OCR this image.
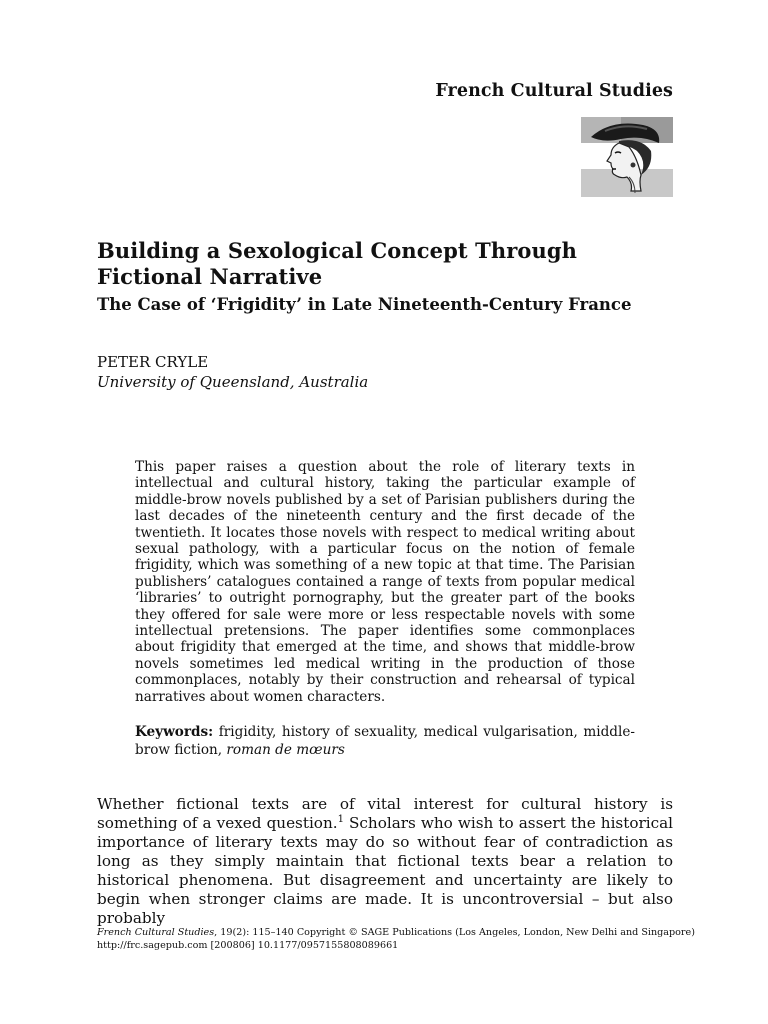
French Cultural Studies
Building a Sexological Concept Through Fictional Narrative
The Case of ‘Frigidity’ in Late Nineteenth-Century France
PETER CRYLE
University of Queensland, Australia
This paper raises a question about the role of literary texts in intellectual and cultural history, taking the particular example of middle-brow novels published by a set of Parisian publishers during the last decades of the nineteenth century and the first decade of the twentieth. It locates those novels with respect to medical writing about sexual pathology, with a particular focus on the notion of female frigidity, which was something of a new topic at that time. The Parisian publishers’ catalogues contained a range of texts from popular medical ‘libraries’ to outright pornography, but the greater part of the books they offered for sale were more or less respectable novels with some intellectual pretensions. The paper identifies some commonplaces about frigidity that emerged at the time, and shows that middle-brow novels sometimes led medical writing in the production of those commonplaces, notably by their construction and rehearsal of typical narratives about women characters.
Keywords: frigidity, history of sexuality, medical vulgarisation, middle-brow fiction, roman de mœurs
Whether fictional texts are of vital interest for cultural history is something of a vexed question.$^1$ Scholars who wish to assert the historical importance of literary texts may do so without fear of contradiction as long as they simply maintain that fictional texts bear a relation to historical phenomena. But disagreement and uncertainty are likely to begin when stronger claims are made. It is uncontroversial – but also probably
French Cultural Studies, 19(2): 115–140 Copyright © SAGE Publications (Los Angeles, London, New Delhi and Singapore)
http://frc.sagepub.com [200806] 10.1177/0957155808089661
